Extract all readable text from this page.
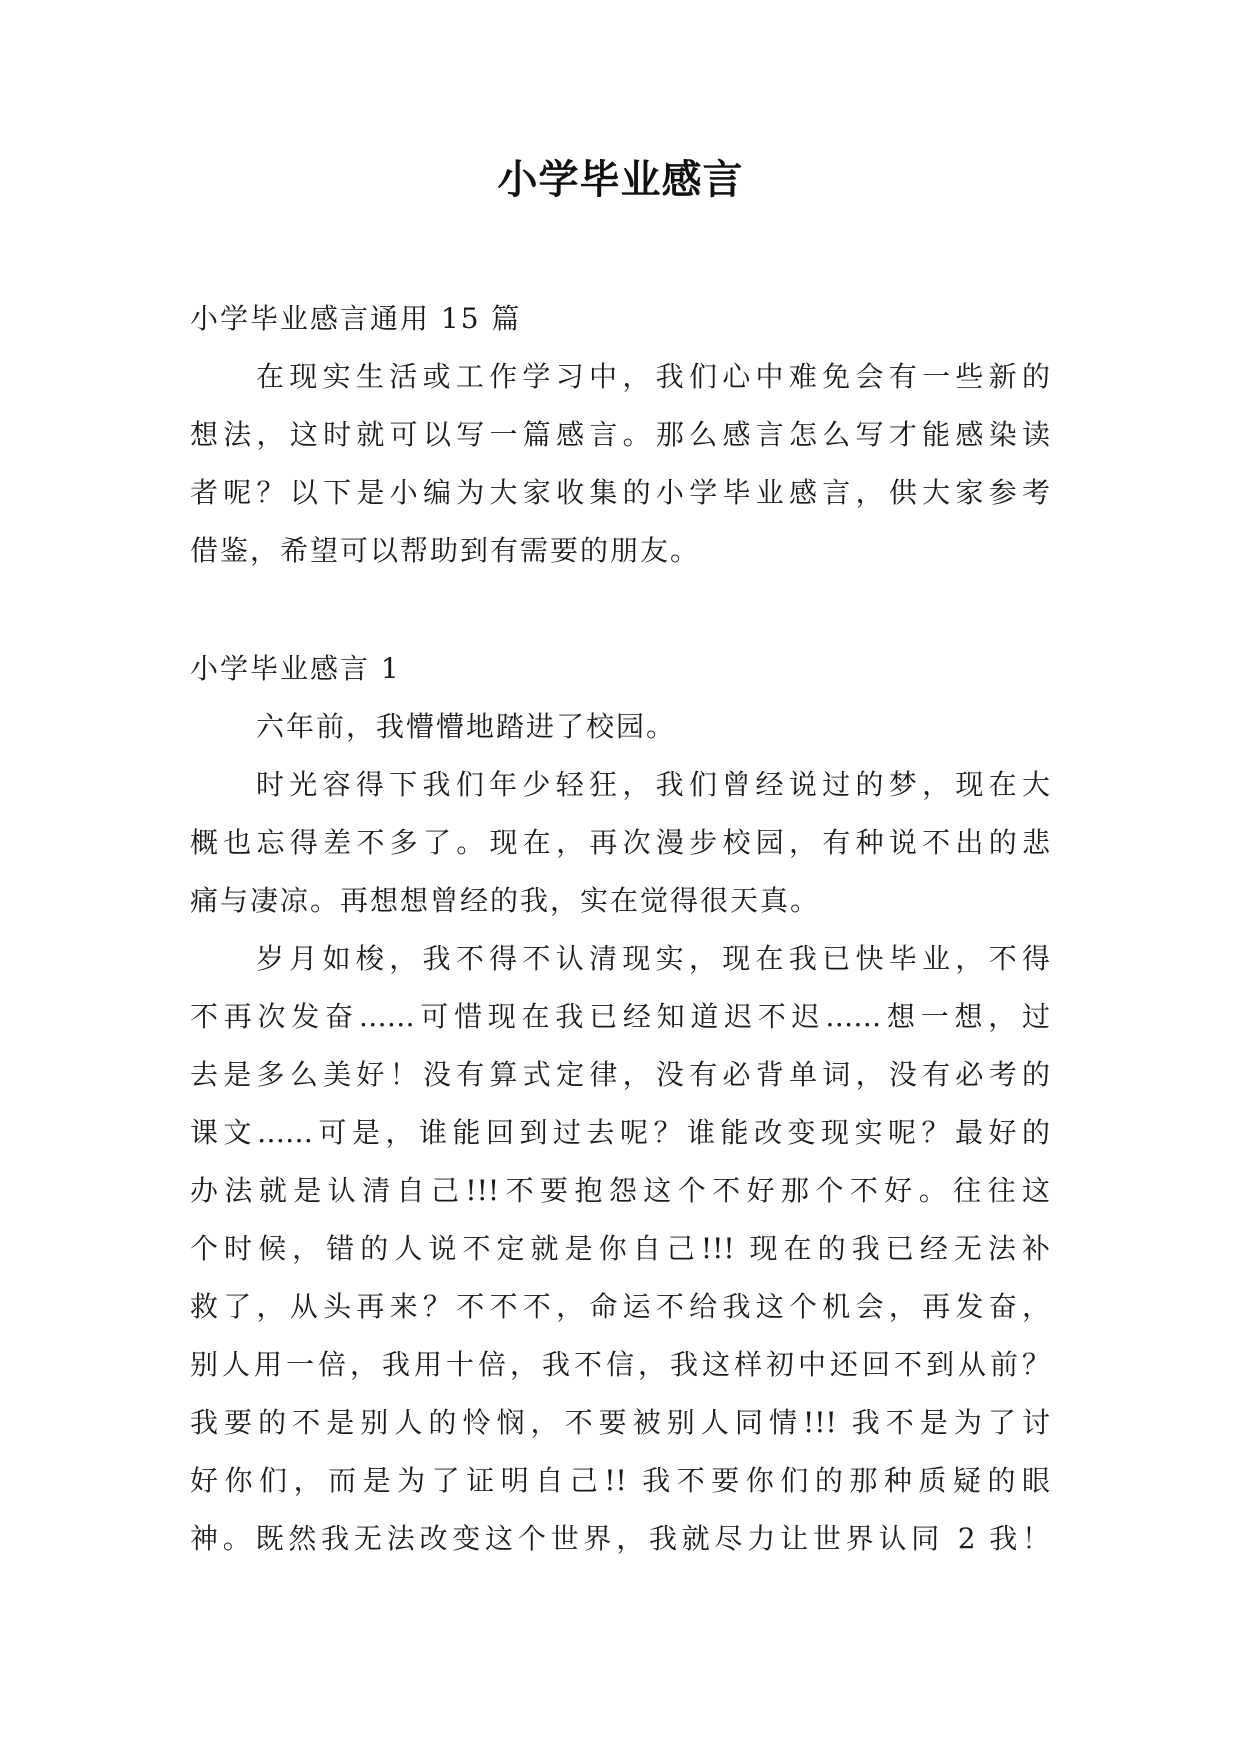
小学毕业感言
小学毕业感言通用 15 篇
在现实生活或工作学习中，我们心中难免会有一些新的
想法，这时就可以写一篇感言。那么感言怎么写才能感染读
者呢？以下是小编为大家收集的小学毕业感言，供大家参考
借鉴，希望可以帮助到有需要的朋友。
小学毕业感言 1
六年前，我懵懵地踏进了校园。
时光容得下我们年少轻狂，我们曾经说过的梦，现在大
概也忘得差不多了。现在，再次漫步校园，有种说不出的悲
痛与凄凉。再想想曾经的我，实在觉得很天真。
岁月如梭，我不得不认清现实，现在我已快毕业，不得
不再次发奋……可惜现在我已经知道迟不迟……想一想，过
去是多么美好！没有算式定律，没有必背单词，没有必考的
课文……可是，谁能回到过去呢？谁能改变现实呢？最好的
办法就是认清自己!!!不要抱怨这个不好那个不好。往往这
个时候，错的人说不定就是你自己!!! 现在的我已经无法补
救了，从头再来？不不不，命运不给我这个机会，再发奋，
别人用一倍，我用十倍，我不信，我这样初中还回不到从前？
我要的不是别人的怜悯，不要被别人同情!!! 我不是为了讨
好你们，而是为了证明自己!! 我不要你们的那种质疑的眼
神。既然我无法改变这个世界，我就尽力让世界认同 2 我！
